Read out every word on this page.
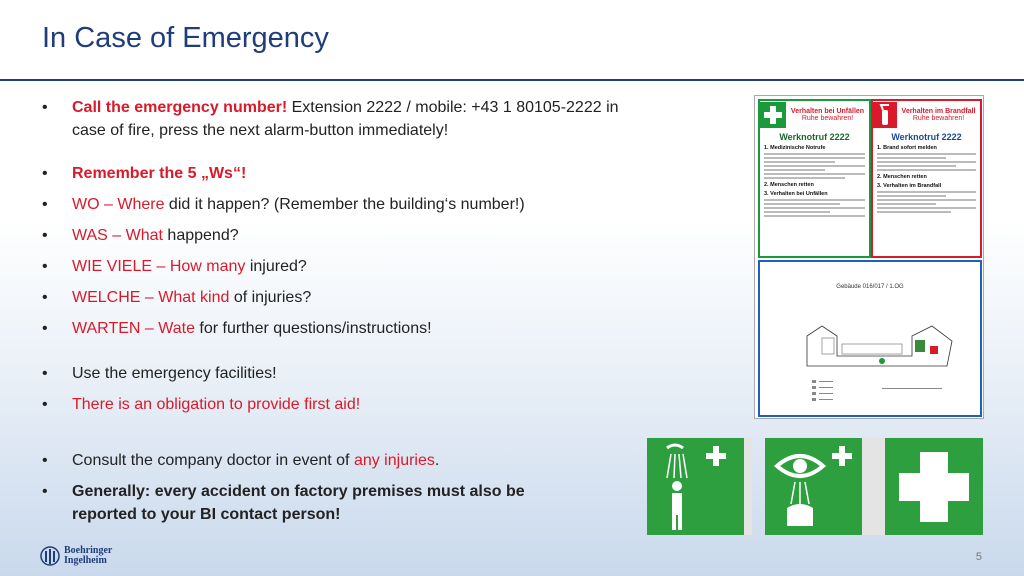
In Case of Emergency
• Call the emergency number! Extension 2222 / mobile: +43 1 80105-2222 in case of fire, press the next alarm-button immediately!
• Remember the 5 „Ws“!
• WO – Where did it happen? (Remember the building‘s number!)
• WAS – What happend?
• WIE VIELE – How many injured?
• WELCHE – What kind of injuries?
• WARTEN – Wate for further questions/instructions!
• Use the emergency facilities!
• There is an obligation to provide first aid!
• Consult the company doctor in event of any injuries.
• Generally: every accident on factory premises must also be reported to your BI contact person!
Verhalten bei Unfällen
Ruhe bewahren!
Werknotruf 2222
1. Medizinische Notrufe
2. Menschen retten
3. Verhalten bei Unfällen
Verhalten im Brandfall
Ruhe bewahren!
Werknotruf 2222
1. Brand sofort melden
2. Menschen retten
3. Verhalten im Brandfall
Gebäude 016/017 / 1.OG
Boehringer
Ingelheim	5
